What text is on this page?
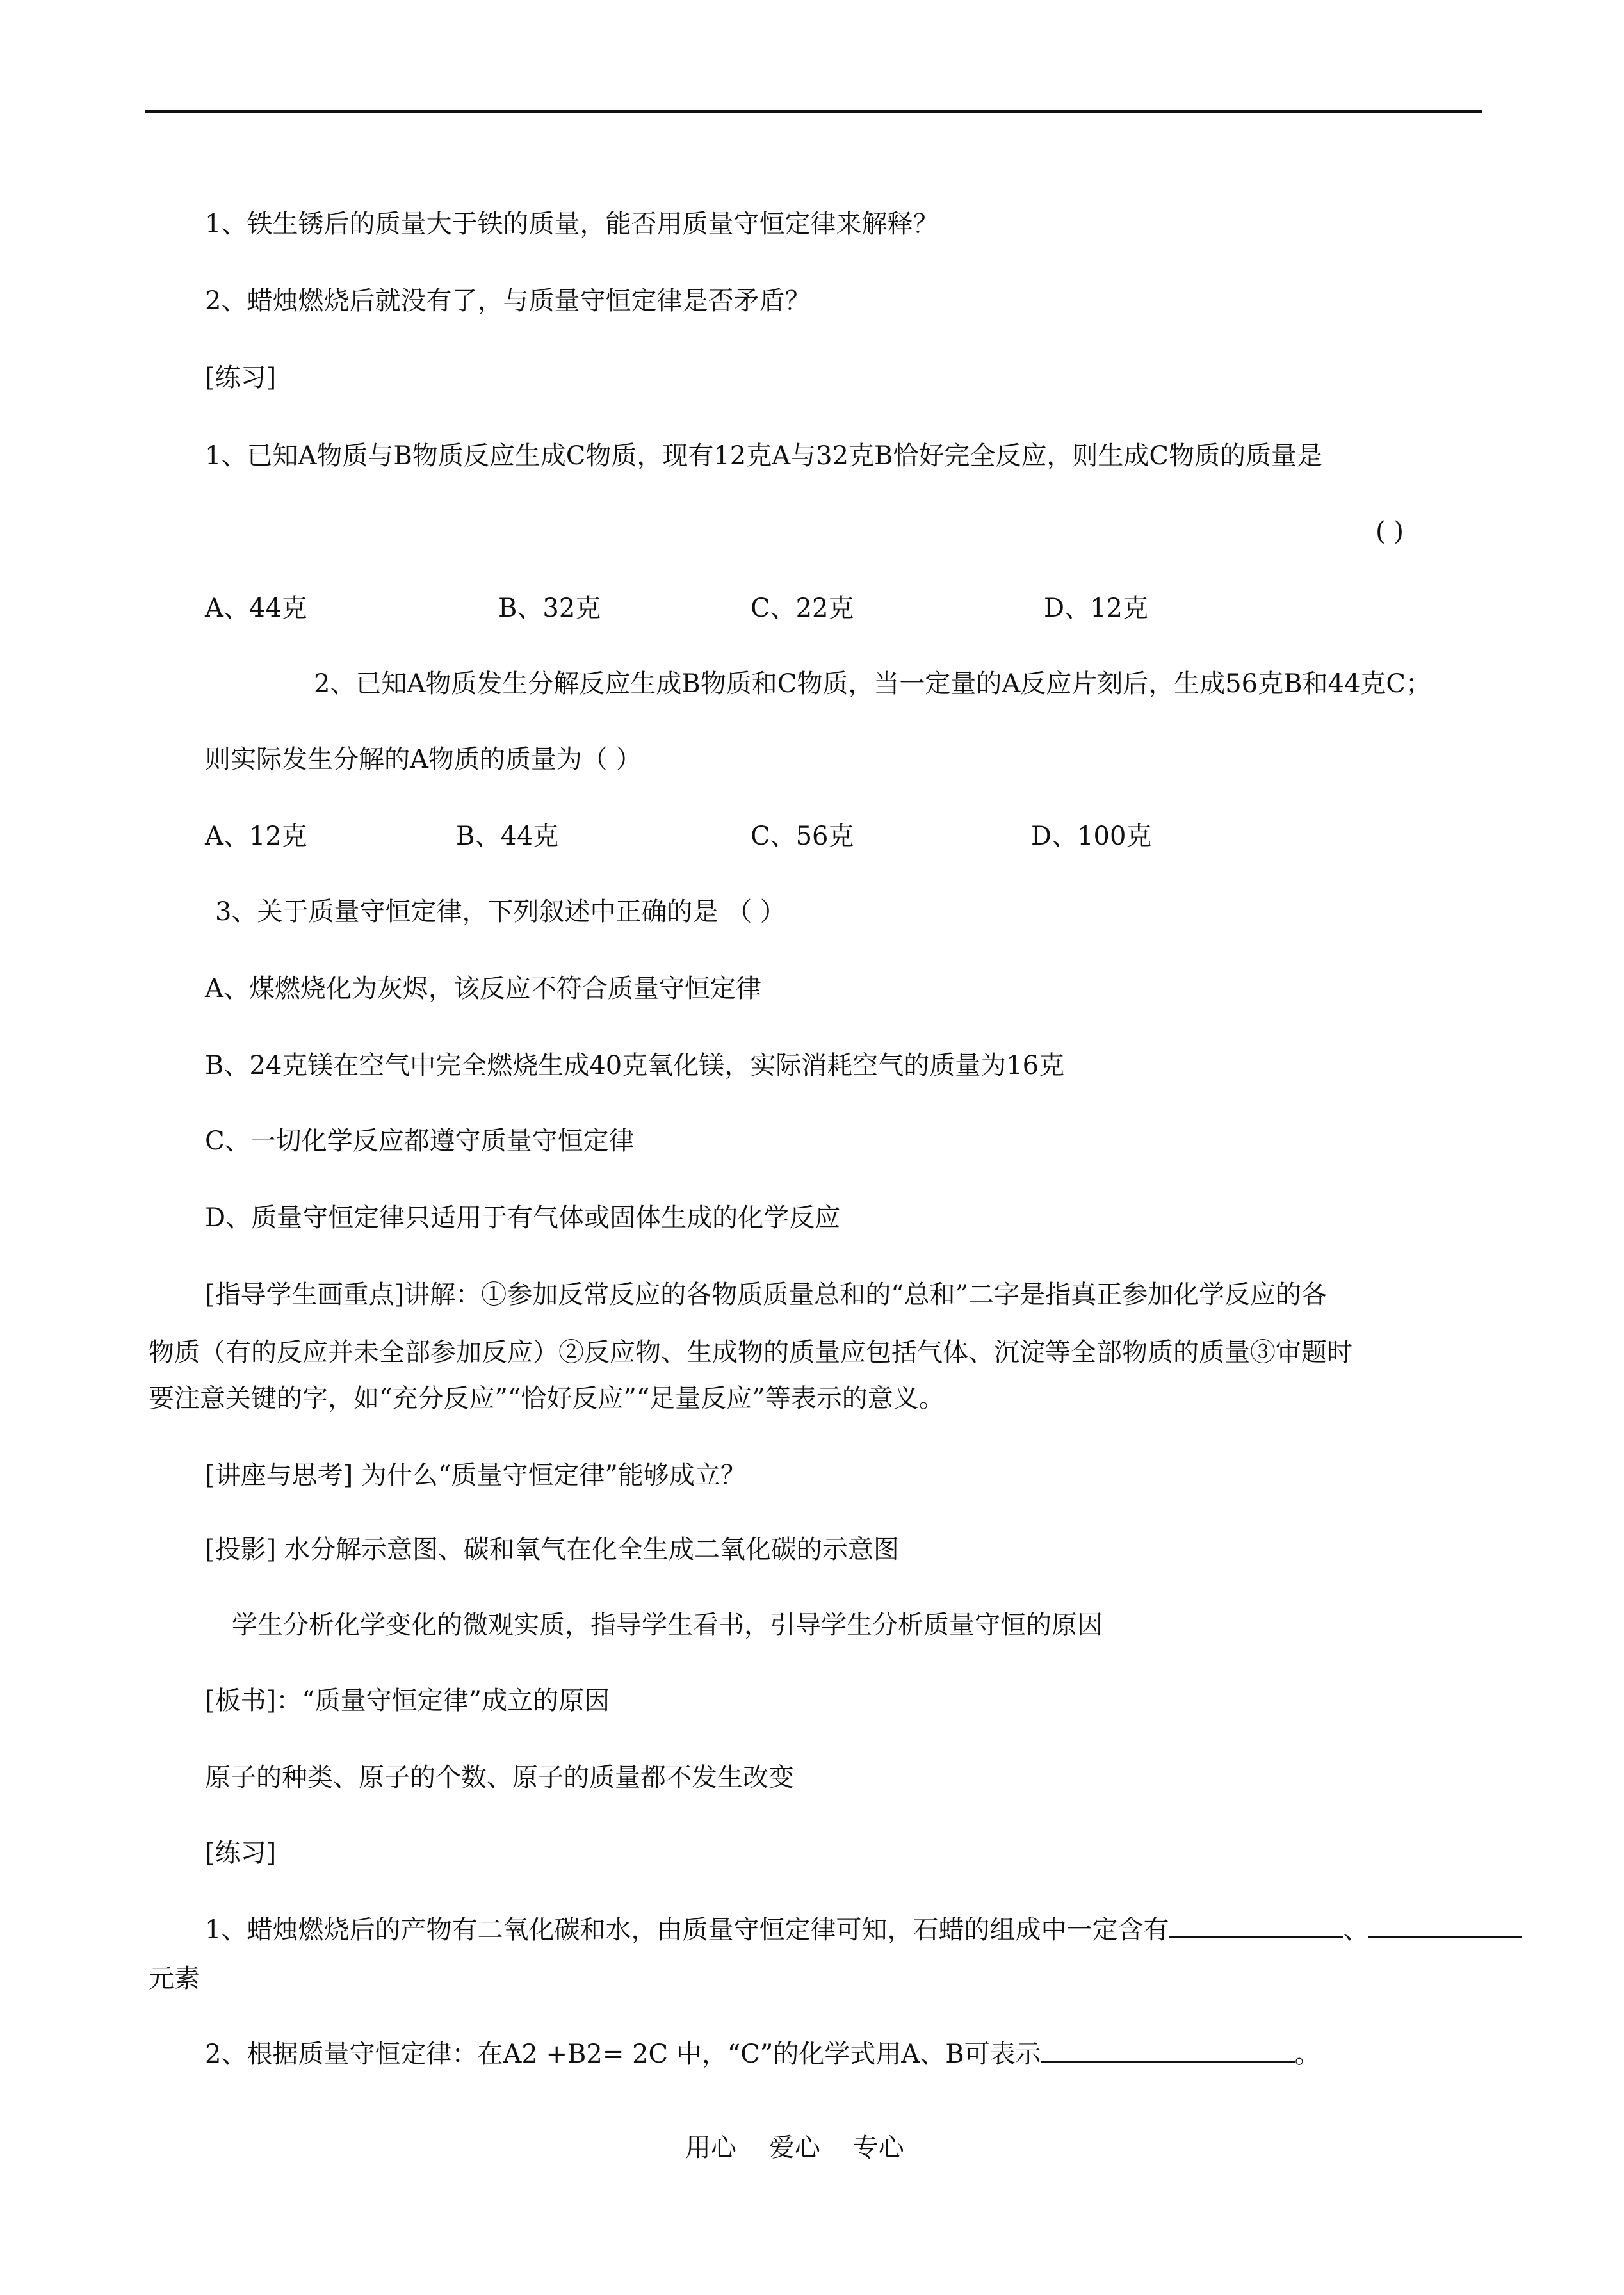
1、铁生锈后的质量大于铁的质量，能否用质量守恒定律来解释？
2、蜡烛燃烧后就没有了，与质量守恒定律是否矛盾？
[练习]
1、已知A物质与B物质反应生成C物质，现有12克A与32克B恰好完全反应，则生成C物质的质量是
( )
A、44克	B、32克	C、22克	D、12克
2、已知A物质发生分解反应生成B物质和C物质，当一定量的A反应片刻后，生成56克B和44克C；
则实际发生分解的A物质的质量为（ ）
A、12克	B、44克	C、56克	D、100克
3、关于质量守恒定律，下列叙述中正确的是 （ ）
A、煤燃烧化为灰烬，该反应不符合质量守恒定律
B、24克镁在空气中完全燃烧生成40克氧化镁，实际消耗空气的质量为16克
C、一切化学反应都遵守质量守恒定律
D、质量守恒定律只适用于有气体或固体生成的化学反应
[指导学生画重点]讲解：①参加反常反应的各物质质量总和的“总和”二字是指真正参加化学反应的各
物质（有的反应并未全部参加反应）②反应物、生成物的质量应包括气体、沉淀等全部物质的质量③审题时
要注意关键的字，如“充分反应”“恰好反应”“足量反应”等表示的意义。
[讲座与思考] 为什么“质量守恒定律”能够成立？
[投影] 水分解示意图、碳和氧气在化全生成二氧化碳的示意图
学生分析化学变化的微观实质，指导学生看书，引导学生分析质量守恒的原因
[板书]：“质量守恒定律”成立的原因
原子的种类、原子的个数、原子的质量都不发生改变
[练习]
1、蜡烛燃烧后的产物有二氧化碳和水，由质量守恒定律可知，石蜡的组成中一定含有	、
元素
2、根据质量守恒定律：在A2 +B2= 2C 中，“C”的化学式用A、B可表示	。
用心    爱心    专心
